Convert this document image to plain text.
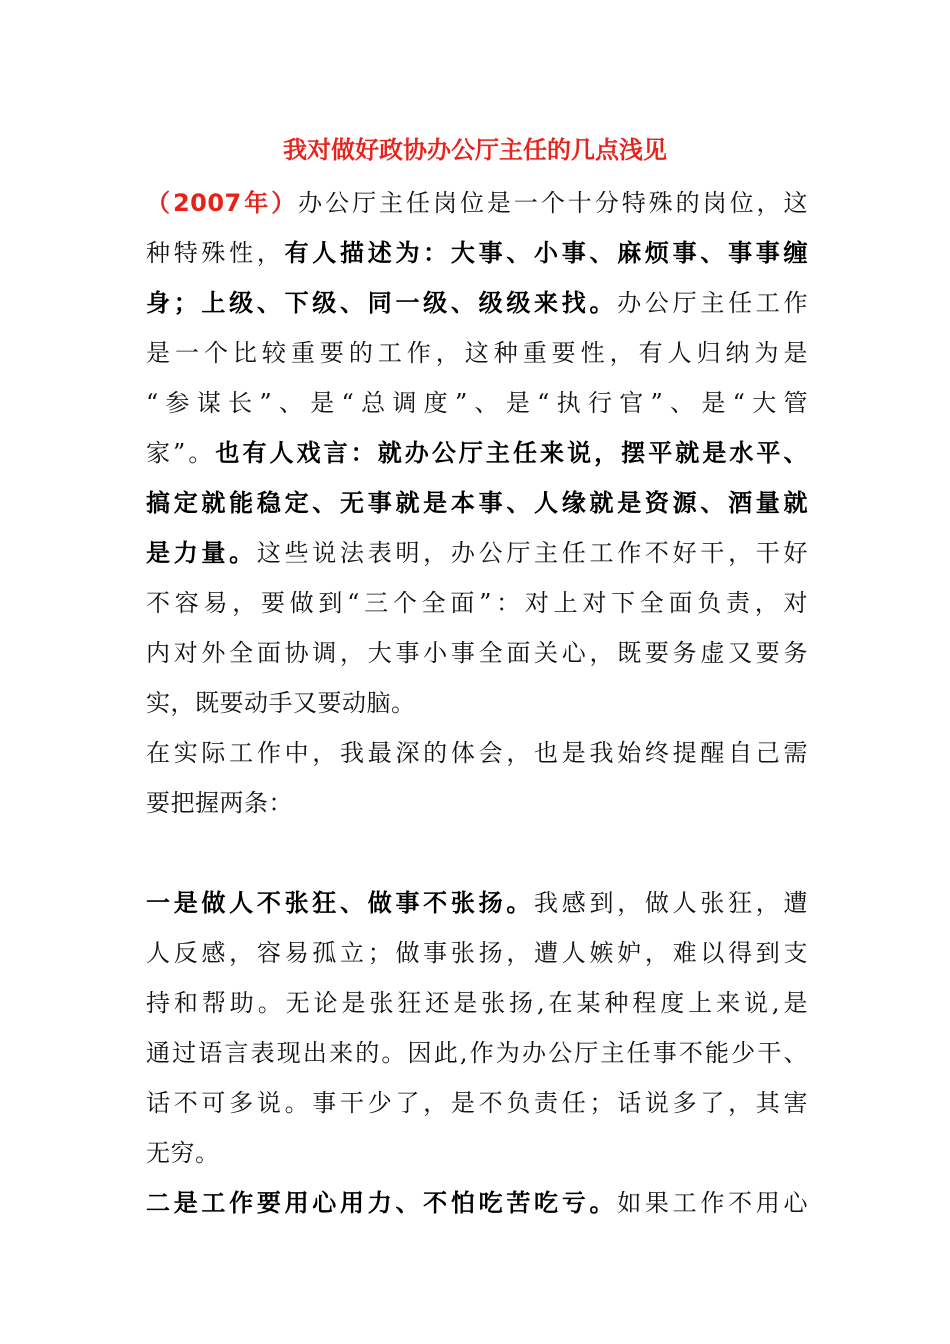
我对做好政协办公厅主任的几点浅见
（2007年）办公厅主任岗位是一个十分特殊的岗位，这
种特殊性，有人描述为：大事、小事、麻烦事、事事缠
身；上级、下级、同一级、级级来找。办公厅主任工作
是一个比较重要的工作，这种重要性，有人归纳为是
“参谋长”、是“总调度”、是“执行官”、是“大管
家”。也有人戏言：就办公厅主任来说，摆平就是水平、
搞定就能稳定、无事就是本事、人缘就是资源、酒量就
是力量。这些说法表明，办公厅主任工作不好干，干好
不容易，要做到“三个全面”：对上对下全面负责，对
内对外全面协调，大事小事全面关心，既要务虚又要务
实，既要动手又要动脑。
在实际工作中，我最深的体会，也是我始终提醒自己需
要把握两条：
一是做人不张狂、做事不张扬。我感到，做人张狂，遭
人反感，容易孤立；做事张扬，遭人嫉妒，难以得到支
持和帮助。无论是张狂还是张扬,在某种程度上来说,是
通过语言表现出来的。因此,作为办公厅主任事不能少干、
话不可多说。事干少了，是不负责任；话说多了，其害
无穷。
二是工作要用心用力、不怕吃苦吃亏。如果工作不用心
